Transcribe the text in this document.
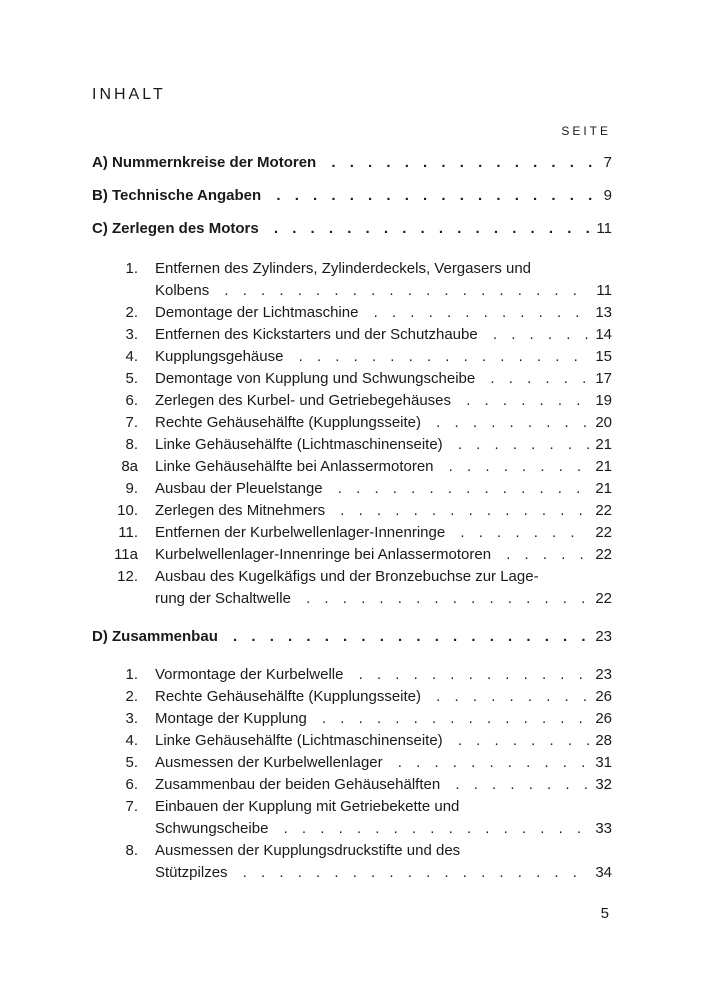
INHALT
SEITE
A) Nummernkreise der Motoren . . .	7
B) Technische Angaben . . .	9
C) Zerlegen des Motors . . .	11
1. Entfernen des Zylinders, Zylinderdeckels, Vergasers und
Kolbens . . .	11
2. Demontage der Lichtmaschine . . .	13
3. Entfernen des Kickstarters und der Schutzhaube . . .	14
4. Kupplungsgehäuse . . .	15
5. Demontage von Kupplung und Schwungscheibe . . .	17
6. Zerlegen des Kurbel- und Getriebegehäuses . . .	19
7. Rechte Gehäusehälfte (Kupplungsseite) . . .	20
8. Linke Gehäusehälfte (Lichtmaschinenseite) . . .	21
8a Linke Gehäusehälfte bei Anlassermotoren . . .	21
9. Ausbau der Pleuelstange . . .	21
10. Zerlegen des Mitnehmers . . .	22
11. Entfernen der Kurbelwellenlager-Innenringe . . .	22
11a Kurbelwellenlager-Innenringe bei Anlassermotoren . . .	22
12. Ausbau des Kugelkäfigs und der Bronzebuchse zur Lage-
rung der Schaltwelle . . .	22
D) Zusammenbau . . .	23
1. Vormontage der Kurbelwelle . . .	23
2. Rechte Gehäusehälfte (Kupplungsseite) . . .	26
3. Montage der Kupplung . . .	26
4. Linke Gehäusehälfte (Lichtmaschinenseite) . . .	28
5. Ausmessen der Kurbelwellenlager . . .	31
6. Zusammenbau der beiden Gehäusehälften . . .	32
7. Einbauen der Kupplung mit Getriebekette und
Schwungscheibe . . .	33
8. Ausmessen der Kupplungsdruckstifte und des
Stützpilzes . . .	34
5
